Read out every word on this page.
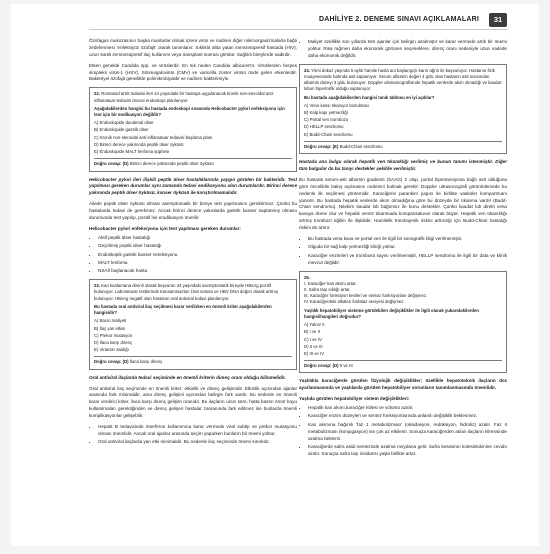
DAHİLİYE 2. DENEME SINAVI AÇIKLAMALARI	31

Özofagus mukozasının başka mantarlar olmak üzere virüs ve nadiren diğer mikroorganizmalarla bağlı zedelenmesi 'enfeksiyöz özofajit' olarak tanımlanır. Sıklıkla altta yatan immünsüpresif hastada (HIV), uzun süreli immünsüpresif ilaç kullanımı veya transplant sonrası görülür. Sağlıklı bireylerde nadirdir.

Etken genelde Candida spp. ve virüslerdir. En sık neden Candida albicans'tır. Virüslerden herpes simpleks virüs-1 (HSV), Sitomegalovirüs (CMV) ve varicella zoster virüsü önde gelen etkenlerdir. Bakteriyel özofajit genellikle polimikrobiyaldir ve nadiren bakterimiyle.

22. Romatoid artrit tedavisi ileri 44 yaşındaki bir hastaya uygulanacak kronik non-steroidal anti-inflamatuar tedavisi öncesi endoskopi planlanıyor.
Aşağıdakilerden hangisi bu hastada endoskopi sırasında Helicobacter pylori enfeksiyonu için test için bir endikasyon değildir?
A) Endoskopide duodenal ülser
B) Endoskopide gastrik ülser
C) Kronik non-steroidal anti-inflamatuar tedavisi başlama planı
D) Birinci derece yakınında peptik ülser öyküsü
E) Endoskopide MALT lenfoma şüphesi
Doğru cevap: (D) Birinci derece yakınında peptik ülser öyküsü

Helicobacter pylori ileri ilişkili peptik ülser hastalıklarında yaygın görülen bir bakteridir. Test yapılması gereken durumlar aynı zamanda tedavi endikasyonu olan durumlardır. Birinci derece yakınında peptik ülser öyküsü, kanser öyküsü ile karıştırılmamalıdır.

Ailede peptik ülser öyküsü olması asemptomatik bir bireye test yapılmasını gerektirmez. Çünkü bu hastalarda tedavi de gerekmez. Ancak birinci derece yakınlarda gastrik kanser saptanmış olmasıı durumunda test yapılıp, pozitif ise eradikasyon önerilir.

Helicobacter pylori enfeksiyonu için test yapılması gereken durumlar:
• Aktif peptik ülser hastalığı
• Geçirilmiş peptik ülser hastalığı
• Endoskopik gastrik kanser rezeksiyonu
• MALT lenfoma
• NSAİİ başlanacak hasta
23. Kan kanlamana direnli olarak başvuran 44 yaşındaki asemptomatik bireyde HBsAg pozitif bulunuyor. Laboratuvar testlerinde transaminazları Ürat sürüsü ve HBV DNA değeri olarak artmış bulunuyor. HBsAg negatif olan hastanın oral antiviral tedavi planlanıyor.
Bu hastada oral antiviral ilaç seçilmesi karar verilirken en önemli kriter aşağıdakilerden hangisidir?
A) Bacın maliyeti
B) İlaç yan etkisi
C) Prekor mutasyon
D) İlaca karşı direnç
E) Viraüsin saldığı
Doğru cevap: (D) İlaca karşı direnç

Oral antiviral ilaçlarda tedavi seçiminde en önemli kriterin direnç oranı olduğu bilinmelidir.

Oral antiviral ilaç seçiminde en önemli kriter; etkinlik ve direnç gelişimidir. Etkinlik açısından ajanlar arasında fark minimaldir, ama direnç gelişimi açısından belirgin fark vardır. Bu nedenle en önemli karar verdirici kriter, ilaca karşı direnç gelişim oranıdır. Bu ilaçların uzun süre, hatta bazen ömür boyu kullanılmaları gerektiğinden ve direnç gelişen hastalar zamanında fark edilmez ise bunlarda önemli komplikasyonlar gelişebilir.

• Hepatit B tedavisinde interferon kullanımına karar vermede viral subtip ve prekor mutasyonu olması önemlidir. Ancak oral ajanlar arasında seçim yaparken bunların bir önemi yoktur.
• Oral antiviral ilaçlarda yan etki minimaldir. Bu nedenle ilaç seçiminde önemi sınırlıdır.
• Maliyet özellikle son yıllarda tüm ajanlar için belirgin azalmıştır ve karar vermede artık bir önemi yoktur. Risa rağmen daha ekonomik görünen seçeneklere, direnç oranı nedeniyle uzun vadede daha ekonomik değildir.
24. Yirmi dokuz yaşında 5 aylık hamile hasta ani başlangıçlı karın ağrılı ile başvuruyor. Hastanın fizik muayenesinde batında asit saptanıyor. Serum albümin değeri 4 g/dL olan hastanın asit sıvısından albümin düzeyi 3 g/dL bulunuyor. Doppler ultrasonografisinde hepatik venlerde akım olmadığı ve kaudat lobun hipertrofik olduğu saptanıyor.
Bu hastada aşağıdakilerden hangisi tanık tablosu en iyi açıklar?
A) Veno kassı tıkanıyor bozulması
B) Kalp kapı yetmezliği
C) Portal ven trombozu
D) HELLP sendromu
E) Budd-Chiari sendromu
Doğru cevap: (E) Budd-Chiari sendromu

Hastada ana bulgu olarak hepatik ven tıkanıklığı verilmiş ve bunun tanımı istenmiştir. Diğer tüm bulgular da bu tanıyı destekler şekilde verilmiştir.

Bu hastada serum-asit albümin gradienti (SAAG) 2 olup, portal hipertansiyona bağlı asit olduğuna göre önceliklle bakış açılmasını nedenini bulmak gerekir. Doppler ultrasonografi görüntülemede bu nedenle ilk seçilmesi yöntemidir. Karaciğerin parankim yapısı ile birlikte vasküler kompartmanı yansıtır. Bu hastada hepatik venlerde akım olmadığına göre bu düzeyde bir tıkanma vardır (Budd-Chiari sendromu). Nitekim kaudat lob bağımsız ile bunu destekler. Çünkü kaudat lob direkt vena kavaya drene olur ve hepatik venöz tıkanmada kompansatuvar olarak büyür. Hepatik ven tıkanıklığı artmış trombozi eğilim ile ilişkilidir. Hamilelik trombojenik riskini arttırdığı için Budd-Chiari hastalığı riskini de artırır.

• Bu hastada vena kava ve portal ven ile ilgili bir sonografik bilgi verilmemiştir.
• Olguda bir sağ kalp yetmezliği klinği yoktur.
• Karaciğer enzimleri ve trombosit sayısı verilmemiştir, HELLP sendromu ile ilgili bir data ve klinik mevcut değildir.
25.
I. Karaciğer kan akımı artar.
II. Safra taşı sıklığı artar.
III. Karaciğer fonksiyon testleri ve sentez fonksiyonları değişmez.
IV. Karaciğerdeki alkalen fosfataz seviyesi değişmez.
Yaşlılık hepatobiliyer sisteme görülebilen değişiklikler ile ilgili olarak yukarıdakilerden hangisi/hangileri doğrudur?
A) Yalnız II
B) I ve II
C) I ve IV
D) II ve III
E) III ve IV
Doğru cevap: (D) II ve III

Yaşlılıkla karaciğerde görülen fizyolojik değişiklikler; özellikle hepatotoksik ilaçların doz ayarlanmasında ve yaşlılarda görülen hepatobiliyer sorunların tanımlanmasında önemlidir.

Yaşlıda görülen hepatobiliyer sistem değişiklikleri:
• Hepatik kan akımı,karaciğer kitlesi ve volümü azalır.
• Karaciğer enzim düzeyleri ve sentez fonksiyonlarında anlamlı değişiklik beklenmez.
• Kan akımına bağımlı 'faz 1 metabolizması' (oksidasyon, redüksiyon, hidroliz) azalır. Faz II metabolizması (konjugasyon) ise çok az etkilenir. Sonuçta karaciğerden atılan ilaçların klirensinde azalma beklenir.
• Karaciğerde safra asidi sentezinde azalma meydana gelir. Safra kesesinin kolesistokinine cevabı azalır. Sonuçta safra taşı insidansı yaşla birlikte artar.
